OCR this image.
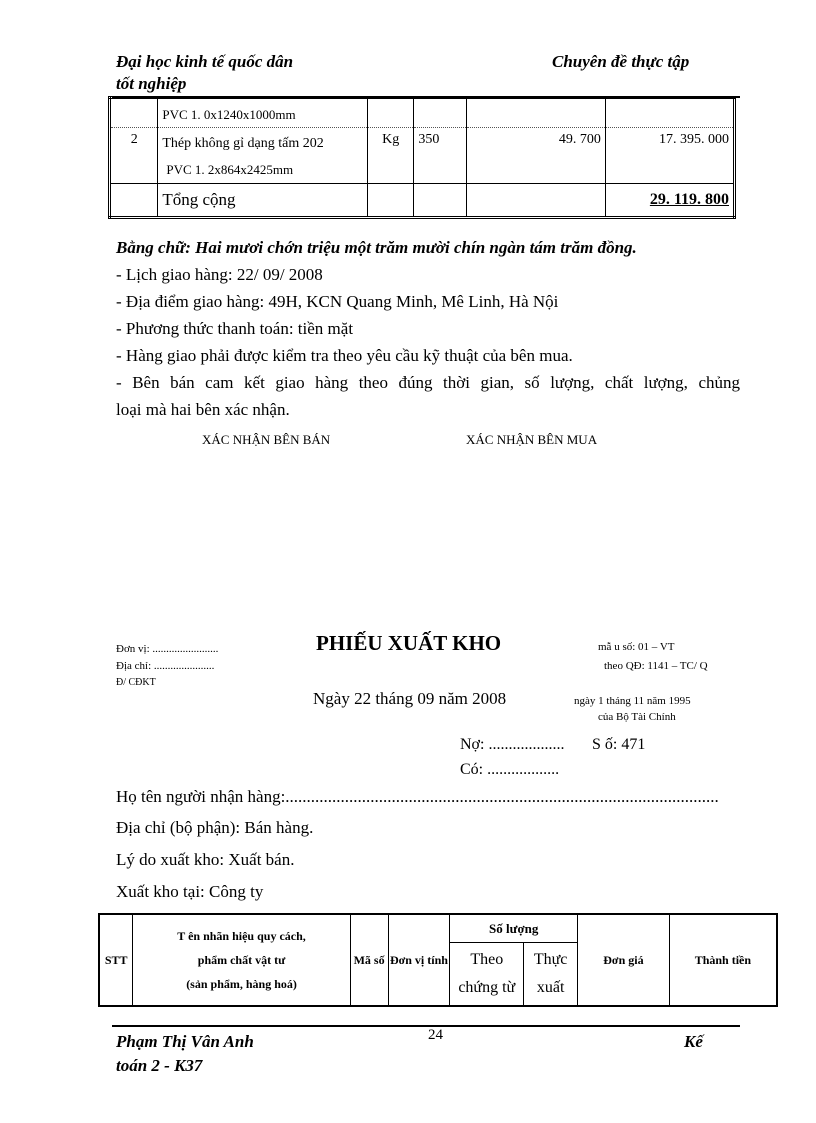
Đại học kinh tế quốc dân
tốt nghiệp
Chuyên đề thực tập
	PVC 1. 0x1240x1000mm				
2	Thép không gỉ dạng tấm 202	Kg	350	49. 700	17. 395. 000
	PVC 1. 2x864x2425mm				
	Tổng cộng				29. 119. 800
Bằng chữ: Hai mươi chớn triệu một trăm mười chín ngàn tám trăm đồng.
- Lịch giao hàng: 22/ 09/ 2008
- Địa điểm giao hàng: 49H, KCN Quang Minh, Mê Linh, Hà Nội
- Phương thức thanh toán: tiền mặt
- Hàng giao phải được kiểm tra theo yêu cầu kỹ thuật của bên mua.
- Bên bán cam kết giao hàng theo đúng thời gian, số lượng, chất lượng, chủng
loại mà hai bên xác nhận.
XÁC NHẬN BÊN BÁN	XÁC NHẬN BÊN MUA
Đơn vị: ........................
Địa chỉ: ......................
Đ/ CĐKT
PHIẾU XUẤT KHO	mẫ u số: 01 – VT
theo QĐ: 1141 – TC/ Q
Ngày 22 tháng 09 năm 2008	ngày 1 tháng 11 năm 1995
của Bộ Tài Chính
Nợ: ................... S ố: 471
Có: ..................
Họ tên người nhận hàng:......................................................................................................
Địa chỉ (bộ phận): Bán hàng.
Lý do xuất kho: Xuất bán.
Xuất kho tại: Công ty
STT	T ên nhãn hiệu quy cách,
phẩm chất vật tư
(sản phẩm, hàng hoá)	Mã số	Đơn vị tính	Số lượng		Đơn giá	Thành tiền
				Theo chứng từ	Thực xuất		
24
Phạm Thị Vân Anh
toán 2 - K37
Kế
